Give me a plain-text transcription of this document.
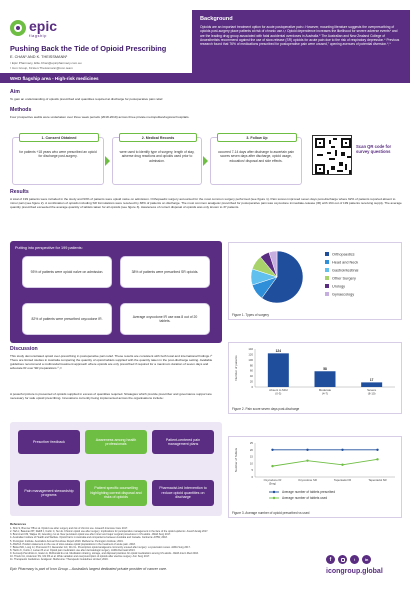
epic
flagship
Pushing Back the Tide of Opioid Prescribing
E. CHAN¹ AND K. THEISSMANN¹
¹ Epic Pharmacy, Ellie.Chan@epicpharmacy.com.au
² Icon Group, Kirsten.Theissmann@icon.team
WHO flagship area - High-risk medicines
Background
Opioids are an important treatment option for acute postoperative pain.¹ However, mounting literature suggests the overprescribing of opioids post-surgery place patients at risk of chronic use.²,³ Opioid dependence increases the likelihood for severe adverse events⁴ and are the leading drug group associated with fatal accidental overdoses in Australia.⁵ The Australian and New Zealand College of Anaesthetists recommend against the use of slow-release (SR) opioids for acute pain due to the risk of respiratory depression.⁶ Previous research found that 76% of medications prescribed for postoperative pain were unused,⁷ opening avenues of potential diversion.⁸,⁹
Aim
To gain an understanding of opioids prescribed and quantities required at discharge for postoperative pain relief.
Methods
Four prospective audits were undertaken over three week periods (2018-2019) across three private metropolitan/regional hospitals.
1. Consent Obtained
for patients +18 years who were prescribed an opioid for discharge post-surgery.
2. Medical Records
were used to identify type of surgery, length of stay, adverse drug reactions and opioids used prior to admission.
3. Follow Up
occurred 7-14 days after discharge to ascertain pain scores seven days after discharge, opioid usage, education/ disposal and side effects.
Scan QR code for survey questions
Results
A total of 199 patients were included in the study and 93% of patients were opioid naïve on admission. Orthopaedic surgery accounted for the most common surgery performed (see figure 1). Pain scores improved seven days post-discharge where 62% of patients reported absent to minor pain (see figure 2). A combination of opioids including SR formulations were received by 38% of patients on discharge. The most common analgesic prescribed for postoperative pain was oxycodone immediate-release (IR) with 164 out of 199 patients receiving supply. The average quantity prescribed exceeded the average quantity of tablets taken for all opioids (see figure 3). Awareness of correct disposal of opioids was only known to 37 patients.
Putting into perspective for 199 patients:
93% of patients were opioid naïve on admission.	38% of patients were prescribed SR opioids.
82% of patients were prescribed oxycodone IR.
Average oxycodone IR use was 8 out of 20 tablets.
Orthopaedics
Head and Neck
Gastrointestinal
Other Surgery
Urology
Gynaecology
Figure 1. Types of surgery
0
20
40
60
80
100
120
140
Number of patients
124
Absent to Mild
(0-3)
58
Moderate
(4-7)
17
Severe
(8-10)
Figure 2. Pain score seven days post-discharge
Discussion
This study demonstrated opioid over-prescribing in postoperative pain relief. These results are consistent with both local and international findings.¹⁰ There are limited studies in Australia comparing the quantity of opioid tablets supplied with the quantity taken in the post-discharge setting. Available guidelines recommend a multimodal treatment approach where opioids are only prescribed if required for a maximum duration of seven days and advocate IR over SR preparations.⁶,¹¹
A powerful picture is presented of opioids supplied in excess of quantities required. Strategies which provide prescriber and governance support are necessary for safe opioid prescribing. Innovations currently being implemented across the organisations include:
Prescriber feedback
Awareness among health professionals
Patient-centered pain management plans
Pain management stewardship programs
Patient specific counselling highlighting correct disposal and risks of opioids
Pharmacist-led intervention to reduce opioid quantities on discharge
0
5
10
15
20
25
Number of Tablets
Oxycodone IR
(5mg)
Oxycodone SR	Tapentadol IR	Tapentadol SR
Average number of tablets prescribed
Average number of tablets used
Figure 3. Average number of opioid prescribed vs used
References
1. Shin S, Brenner HB et al. Opioid use after surgery and risk of chronic use. Anaesth Intensive Care 2017.
2. Hah J, Bateman BT, Ratliff J, Curtin C, Sun E. Chronic opioid use after surgery: implications for perioperative management in the face of the opioid epidemic. Anesth Analg 2017.
3. Brummett CM, Waljee JF, Goesling J et al. New persistent opioid use after minor and major surgical procedures in US adults. JAMA Surg 2017.
4. Australian Institute of Health and Welfare. Opioid harm in Australia and comparisons between Australia and Canada. Canberra: AIHW; 2018.
5. Penington Institute. Australia's Annual Overdose Report 2019. Melbourne: Penington Institute; 2019.
6. ANZCA. Position statement on the use of slow-release opioid preparations in the treatment of acute pain. 2018.
7. Bicket MC, Long JJ, Pronovost PJ, Alexander GC, Wu CL. Prescription opioid analgesics commonly unused after surgery: a systematic review. JAMA Surg 2017.
8. Harris K, Curtis J, Larsen B et al. Opioid pain medication use after dermatologic surgery. JAMA Dermatol 2013.
9. Kennedy-Hendricks A, Gielen A, McDonald E et al. Medication sharing, storage, and disposal practices for opioid medications among US adults. JAMA Intern Med 2016.
10. Thiels CA, Anderson SS, Ubl DS et al. Wide variation and overprescription of opioids after elective surgery. Ann Surg 2017.
11. Therapeutic Guidelines. Analgesic. Melbourne: Therapeutic Guidelines Limited; 2019.
Epic Pharmacy is part of Icon Group – Australia's largest dedicated private provider of cancer care.
f	t	in
icongroup.global
